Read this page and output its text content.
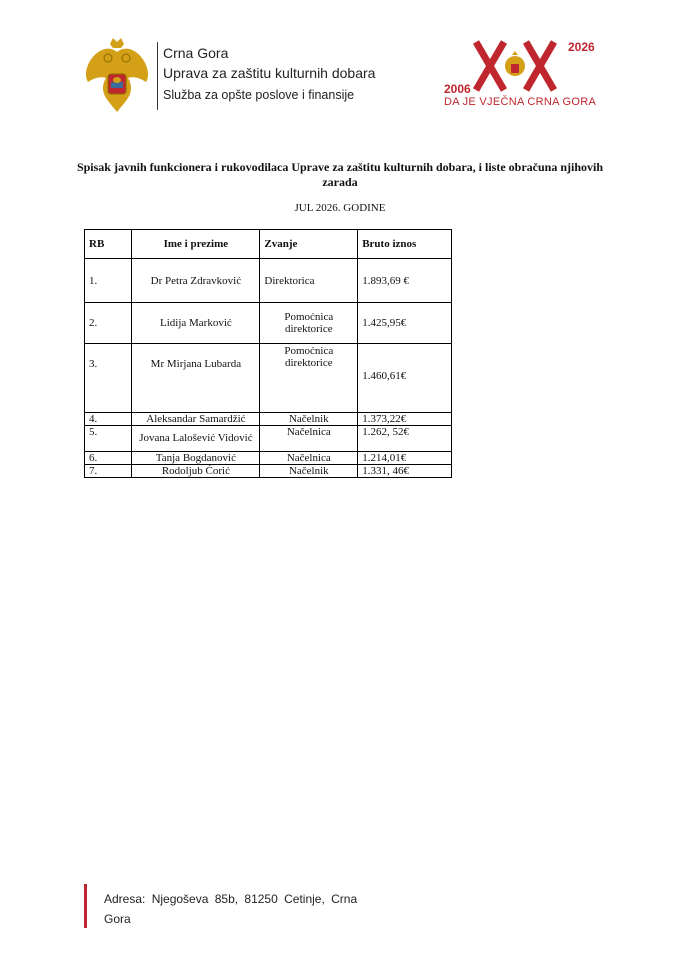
Crna Gora
Uprava za zaštitu kulturnih dobara
Služba za opšte poslove i finansije
2026
2006
DA JE VJEČNA CRNA GORA
Spisak javnih funkcionera i rukovodilaca Uprave za zaštitu kulturnih dobara, i liste obračuna njihovih zarada
JUL 2026. GODINE
RB	Ime i prezime	Zvanje	Bruto iznos
1.	Dr Petra Zdravković	Direktorica	1.893,69 €
2.	Lidija Marković	Pomoćnica direktorice	1.425,95€
3.	Mr Mirjana Lubarda	Pomoćnica direktorice	1.460,61€
4.	Aleksandar Samardžić	Načelnik	1.373,22€
5.	Jovana Lalošević Vidović	Načelnica	1.262, 52€
6.	Tanja Bogdanović	Načelnica	1.214,01€
7.	Rodoljub Ćorić	Načelnik	1.331, 46€
Adresa: Njegoševa 85b, 81250 Cetinje, Crna Gora
